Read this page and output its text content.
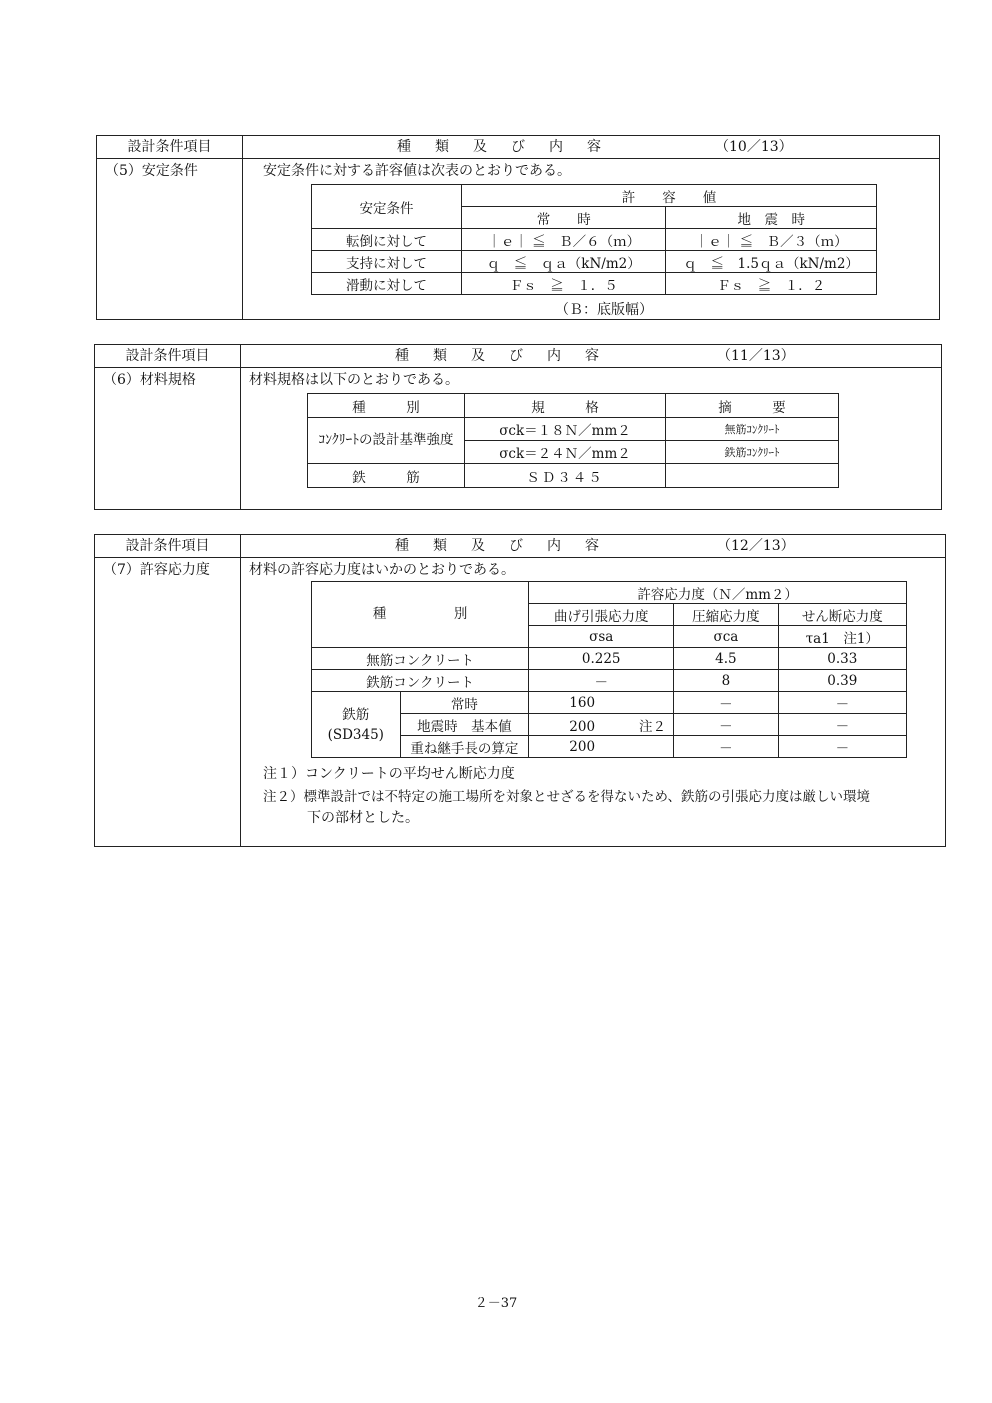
設計条件項目	種類及び内容	（10／13）
（5）安定条件	安定条件に対する許容値は次表のとおりである。
安定条件	許　　容　　値	
	常　　時	地　震　時
転倒に対して	｜ｅ｜ ≦　Ｂ／６（ｍ）	｜ｅ｜ ≦　Ｂ／３（ｍ）
支持に対して	ｑ　≦　ｑａ（kN/m2）	ｑ　≦　1.5ｑａ（kN/m2）
滑動に対して	Ｆｓ　≧　１．５	Ｆｓ　≧　１．２
（Ｂ：底版幅）
設計条件項目	種類及び内容	（11／13）
（6）材料規格	材料規格は以下のとおりである。
種　　　別	規　　　格	摘　　　要
ｺﾝｸﾘｰﾄの設計基準強度	σck＝１８Ｎ／mm２	無筋ｺﾝｸﾘｰﾄ
	σck＝２４Ｎ／mm２	鉄筋ｺﾝｸﾘｰﾄ
鉄　　　筋	ＳＤ３４５	
設計条件項目	種類及び内容	（12／13）
（7）許容応力度	材料の許容応力度はいかのとおりである。
種　　　　　別		許容応力度（Ｎ／mm２）		
		曲げ引張応力度	圧縮応力度	せん断応力度
		σsa	σca	τa1　注1）
無筋コンクリート		0.225	4.5	0.33
鉄筋コンクリート		－	8	0.39

鉄筋
(SD345)	常時	160	－	－
	地震時　基本値	200 注２	－	－
	重ね継手長の算定	200	－	－
注１）コンクリートの平均せん断応力度
注２）標準設計では不特定の施工場所を対象とせざるを得ないため、鉄筋の引張応力度は厳しい環境
下の部材とした。
２－37
